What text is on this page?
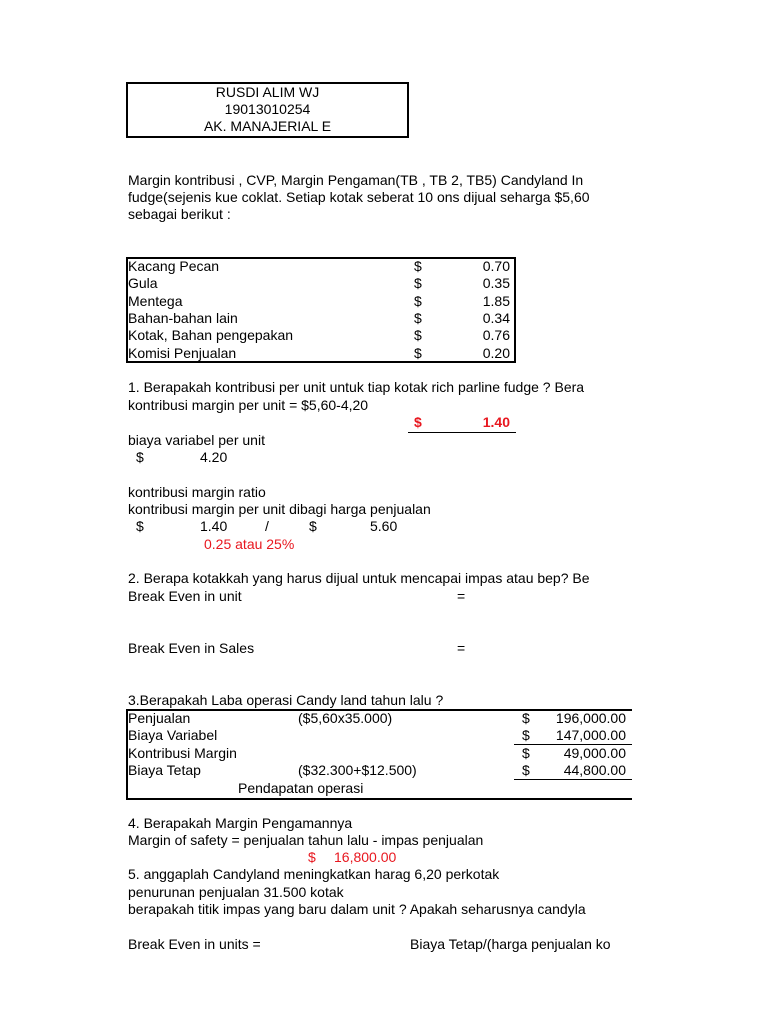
RUSDI ALIM WJ
19013010254
AK. MANAJERIAL E
Margin kontribusi , CVP, Margin Pengaman(TB , TB 2, TB5) Candyland In
fudge(sejenis kue coklat. Setiap kotak seberat 10 ons dijual seharga $5,60
sebagai berikut :
Kacang Pecan	$	0.70
Gula	$	0.35
Mentega	$	1.85
Bahan-bahan lain	$	0.34
Kotak, Bahan pengepakan	$	0.76
Komisi Penjualan	$	0.20
1. Berapakah kontribusi per unit untuk tiap kotak rich parline fudge ? Bera
kontribusi margin per unit = $5,60-4,20
$	1.40
biaya variabel per unit
$	4.20
kontribusi margin ratio
kontribusi margin per unit dibagi harga penjualan
$	1.40	/	$	5.60
0.25 atau 25%
2. Berapa kotakkah yang harus dijual untuk mencapai impas atau bep? Be
Break Even in unit	=
Break Even in Sales	=
3.Berapakah Laba operasi Candy land tahun lalu ?
Penjualan	($5,60x35.000)	$	196,000.00
Biaya Variabel	$	147,000.00
Kontribusi Margin	$	49,000.00
Biaya Tetap	($32.300+$12.500)	$	44,800.00
Pendapatan operasi
4. Berapakah Margin Pengamannya
Margin of safety = penjualan tahun lalu - impas penjualan
$ 16,800.00
5. anggaplah Candyland meningkatkan harag 6,20 perkotak
penurunan penjualan 31.500 kotak
berapakah titik impas yang baru dalam unit ? Apakah seharusnya candyla
Break Even in units =	Biaya Tetap/(harga penjualan ko
